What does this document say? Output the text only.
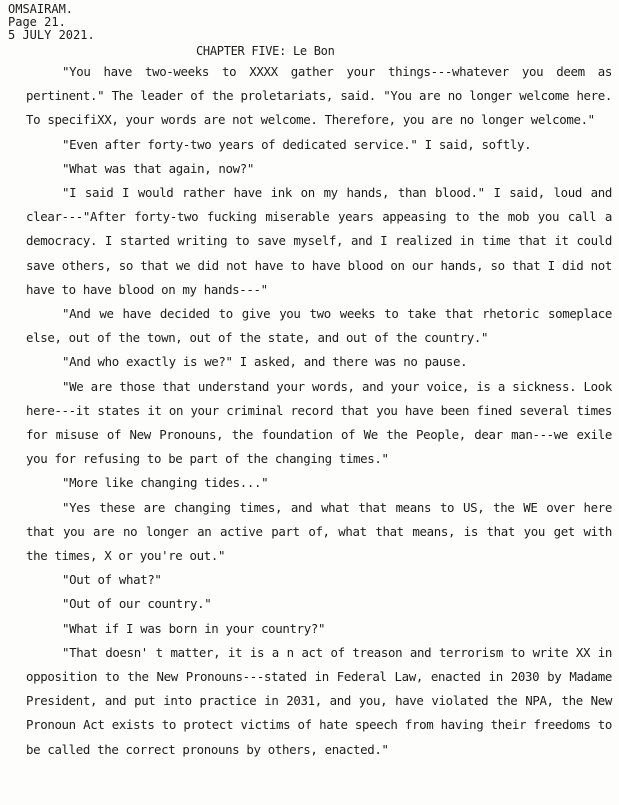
OMSAIRAM.
Page 21.
5 JULY 2021.
CHAPTER FIVE: Le Bon

"You have two-weeks to XXXX gather your things---whatever you deem as pertinent." The leader of the proletariats, said. "You are no longer welcome here. To specifiXX, your words are not welcome. Therefore, you are no longer welcome."

"Even after forty-two years of dedicated service." I said, softly.

"What was that again, now?"

"I said I would rather have ink on my hands, than blood." I said, loud and clear---"After forty-two fucking miserable years appeasing to the mob you call a democracy. I started writing to save myself, and I realized in time that it could save others, so that we did not have to have blood on our hands, so that I did not have to have blood on my hands---"

"And we have decided to give you two weeks to take that rhetoric someplace else, out of the town, out of the state, and out of the country."

"And who exactly is we?" I asked, and there was no pause.

"We are those that understand your words, and your voice, is a sickness. Look here---it states it on your criminal record that you have been fined several times for misuse of New Pronouns, the foundation of We the People, dear man---we exile you for refusing to be part of the changing times."

"More like changing tides..."

"Yes these are changing times, and what that means to US, the WE over here that you are no longer an active part of, what that means, is that you get with the times, X or you're out."

"Out of what?"

"Out of our country."

"What if I was born in your country?"

"That doesn' t matter, it is a n act of treason and terrorism to write XX in opposition to the New Pronouns---stated in Federal Law, enacted in 2030 by Madame President, and put into practice in 2031, and you, have violated the NPA, the New Pronoun Act exists to protect victims of hate speech from having their freedoms to be called the correct pronouns by others, enacted."
